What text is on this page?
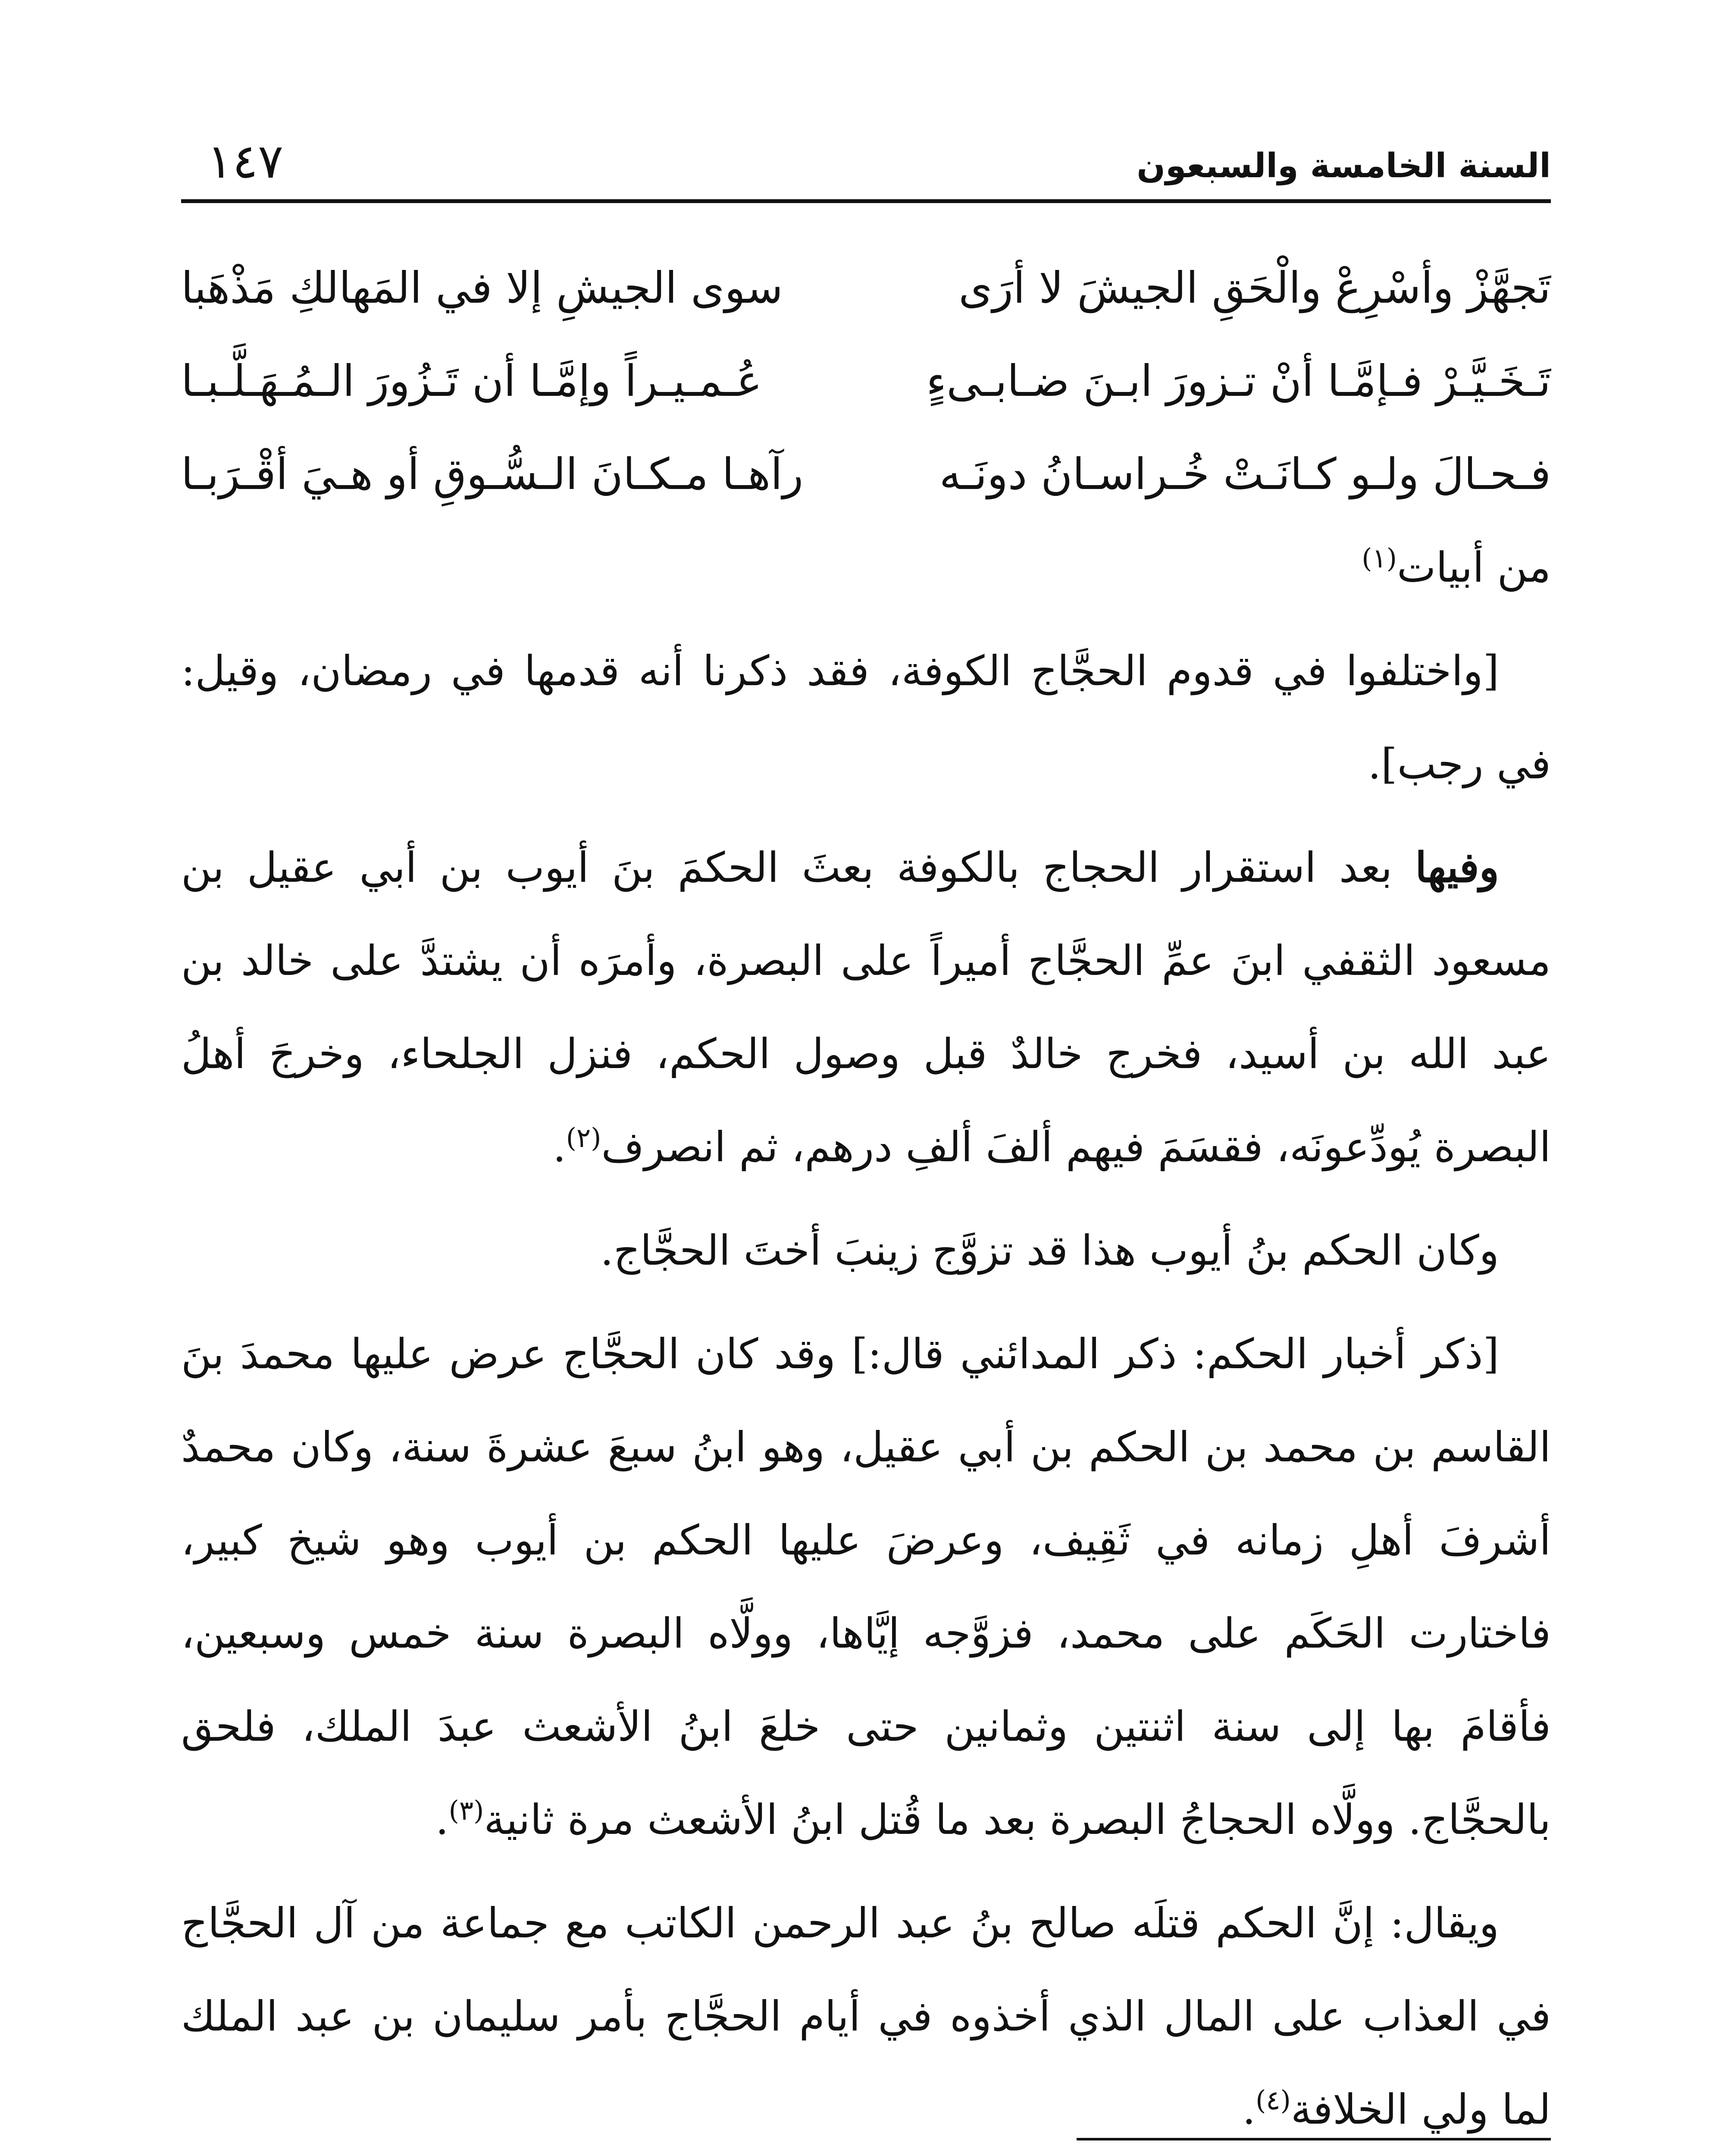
السنة الخامسة والسبعون
١٤٧
تَجهَّزْ وأسْرِعْ والْحَقِ الجيشَ لا أرَى
سوى الجيشِ إلا في المَهالكِ مَذْهَبا
تَـخَـيَّـرْ فـإمَّـا أنْ تـزورَ ابـنَ ضـابـىءٍ
عُـمـيـراً وإمَّـا أن تَـزُورَ الـمُـهَـلَّـبـا
فـحـالَ ولـو كـانَـتْ خُـراسـانُ دونَـه
رآهـا مـكـانَ الـسُّـوقِ أو هـيَ أقْـرَبـا
من أبيات$^{(١)}$

[واختلفوا في قدوم الحجَّاج الكوفة، فقد ذكرنا أنه قدمها في رمضان، وقيل: في رجب].

وفيها بعد استقرار الحجاج بالكوفة بعثَ الحكمَ بنَ أيوب بن أبي عقيل بن مسعود الثقفي ابنَ عمِّ الحجَّاج أميراً على البصرة، وأمرَه أن يشتدَّ على خالد بن عبد الله بن أسيد، فخرج خالدٌ قبل وصول الحكم، فنزل الجلحاء، وخرجَ أهلُ البصرة يُودِّعونَه، فقسَمَ فيهم ألفَ ألفِ درهم، ثم انصرف$^{(٢)}$.

وكان الحكم بنُ أيوب هذا قد تزوَّج زينبَ أختَ الحجَّاج.

[ذكر أخبار الحكم: ذكر المدائني قال:] وقد كان الحجَّاج عرض عليها محمدَ بنَ القاسم بن محمد بن الحكم بن أبي عقيل، وهو ابنُ سبعَ عشرةَ سنة، وكان محمدٌ أشرفَ أهلِ زمانه في ثَقِيف، وعرضَ عليها الحكم بن أيوب وهو شيخ كبير، فاختارت الحَكَم على محمد، فزوَّجه إيَّاها، وولَّاه البصرة سنة خمس وسبعين، فأقامَ بها إلى سنة اثنتين وثمانين حتى خلعَ ابنُ الأشعث عبدَ الملك، فلحق بالحجَّاج. وولَّاه الحجاجُ البصرة بعد ما قُتل ابنُ الأشعث مرة ثانية$^{(٣)}$.

ويقال: إنَّ الحكم قتلَه صالح بنُ عبد الرحمن الكاتب مع جماعة من آل الحجَّاج في العذاب على المال الذي أخذوه في أيام الحجَّاج بأمر سليمان بن عبد الملك لما ولي الخلافة$^{(٤)}$.
